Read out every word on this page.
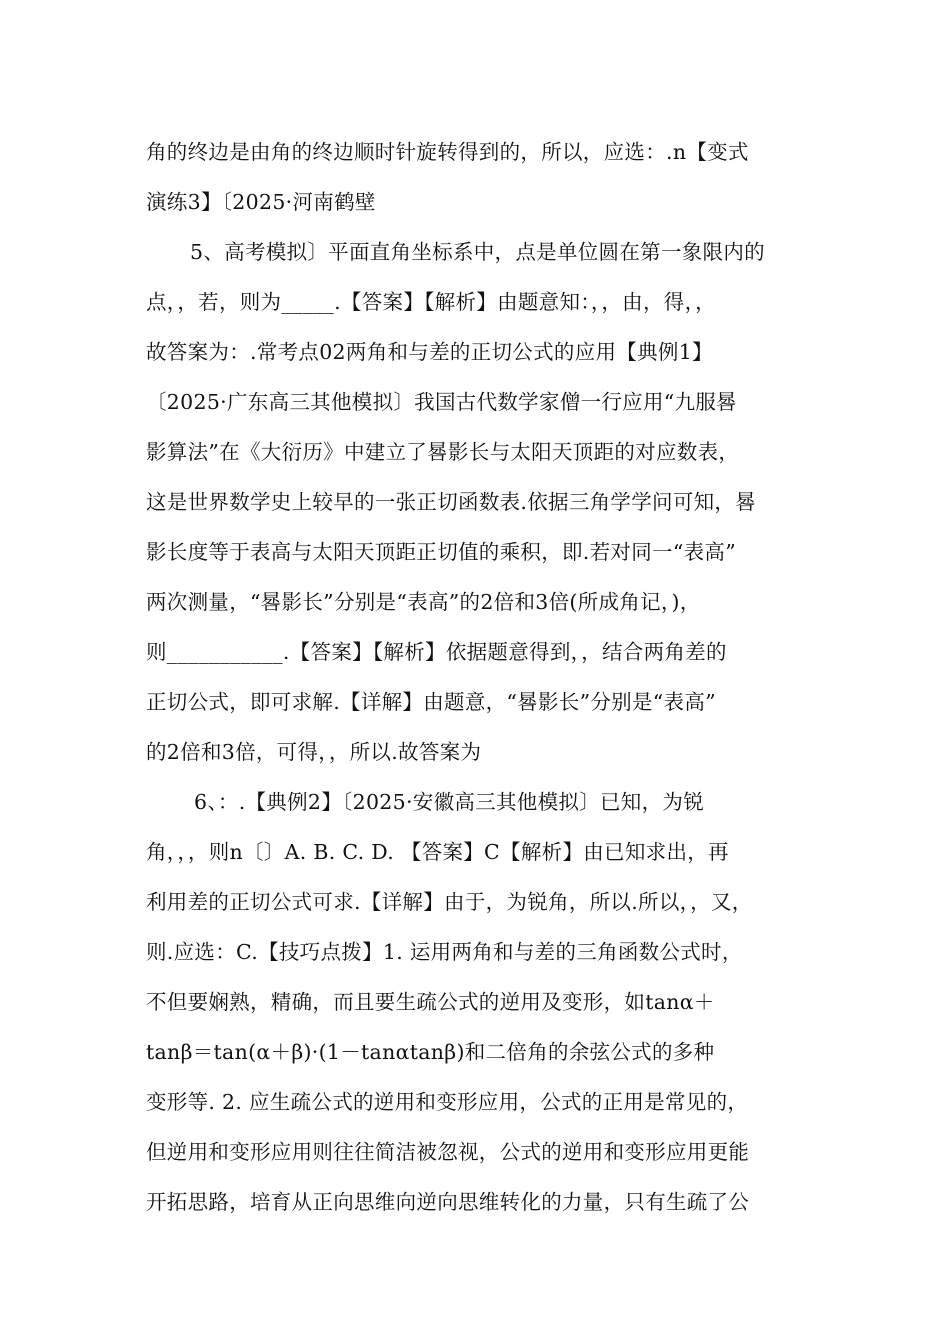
角的终边是由角的终边顺时针旋转得到的，所以，应选：.n【变式
演练3】〔2025·河南鹤壁
5、高考模拟〕平面直角坐标系中，点是单位圆在第一象限内的
点，，若，则为_____.【答案】【解析】由题意知：，，由，得，，
故答案为：.常考点02两角和与差的正切公式的应用【典例1】
〔2025·广东高三其他模拟〕我国古代数学家僧一行应用“九服晷
影算法”在《大衍历》中建立了晷影长与太阳天顶距的对应数表，
这是世界数学史上较早的一张正切函数表.依据三角学学问可知，晷
影长度等于表高与太阳天顶距正切值的乘积，即.若对同一“表高”
两次测量，“晷影长”分别是“表高”的2倍和3倍(所成角记，)，
则___________.【答案】【解析】依据题意得到，，结合两角差的
正切公式，即可求解.【详解】由题意，“晷影长”分别是“表高”
的2倍和3倍，可得，，所以.故答案为
6、：.【典例2】〔2025·安徽高三其他模拟〕已知，为锐
角，，，则n〔〕A. B. C. D. 【答案】C【解析】由已知求出，再
利用差的正切公式可求.【详解】由于，为锐角，所以.所以，，又，
则.应选：C.【技巧点拨】1. 运用两角和与差的三角函数公式时，
不但要娴熟，精确，而且要生疏公式的逆用及变形，如tanα＋
tanβ＝tan(α＋β)·(1－tanαtanβ)和二倍角的余弦公式的多种
变形等. 2. 应生疏公式的逆用和变形应用，公式的正用是常见的，
但逆用和变形应用则往往简洁被忽视，公式的逆用和变形应用更能
开拓思路，培育从正向思维向逆向思维转化的力量，只有生疏了公
